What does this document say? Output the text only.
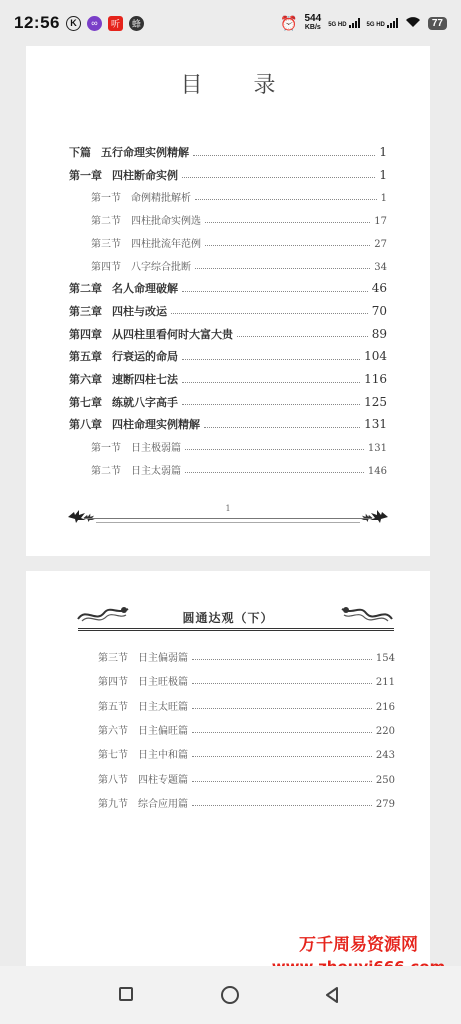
12:56	K	∞	听	蜂	⏰ 544
KB/s 5G HD	5G HD	77
目 录
下篇 五行命理实例精解	1
第一章 四柱断命实例	1
第一节 命例精批解析	1
第二节 四柱批命实例选	17
第三节 四柱批流年范例	27
第四节 八字综合批断	34
第二章 名人命理破解	46
第三章 四柱与改运	70
第四章 从四柱里看何时大富大贵	89
第五章 行衰运的命局	104
第六章 速断四柱七法	116
第七章 练就八字高手	125
第八章 四柱命理实例精解	131
第一节 日主极弱篇	131
第二节 日主太弱篇	146
1
圆通达观（下）
第三节 日主偏弱篇	154
第四节 日主旺极篇	211
第五节 日主太旺篇	216
第六节 日主偏旺篇	220
第七节 日主中和篇	243
第八节 四柱专题篇	250
第九节 综合应用篇	279
万千周易资源网
